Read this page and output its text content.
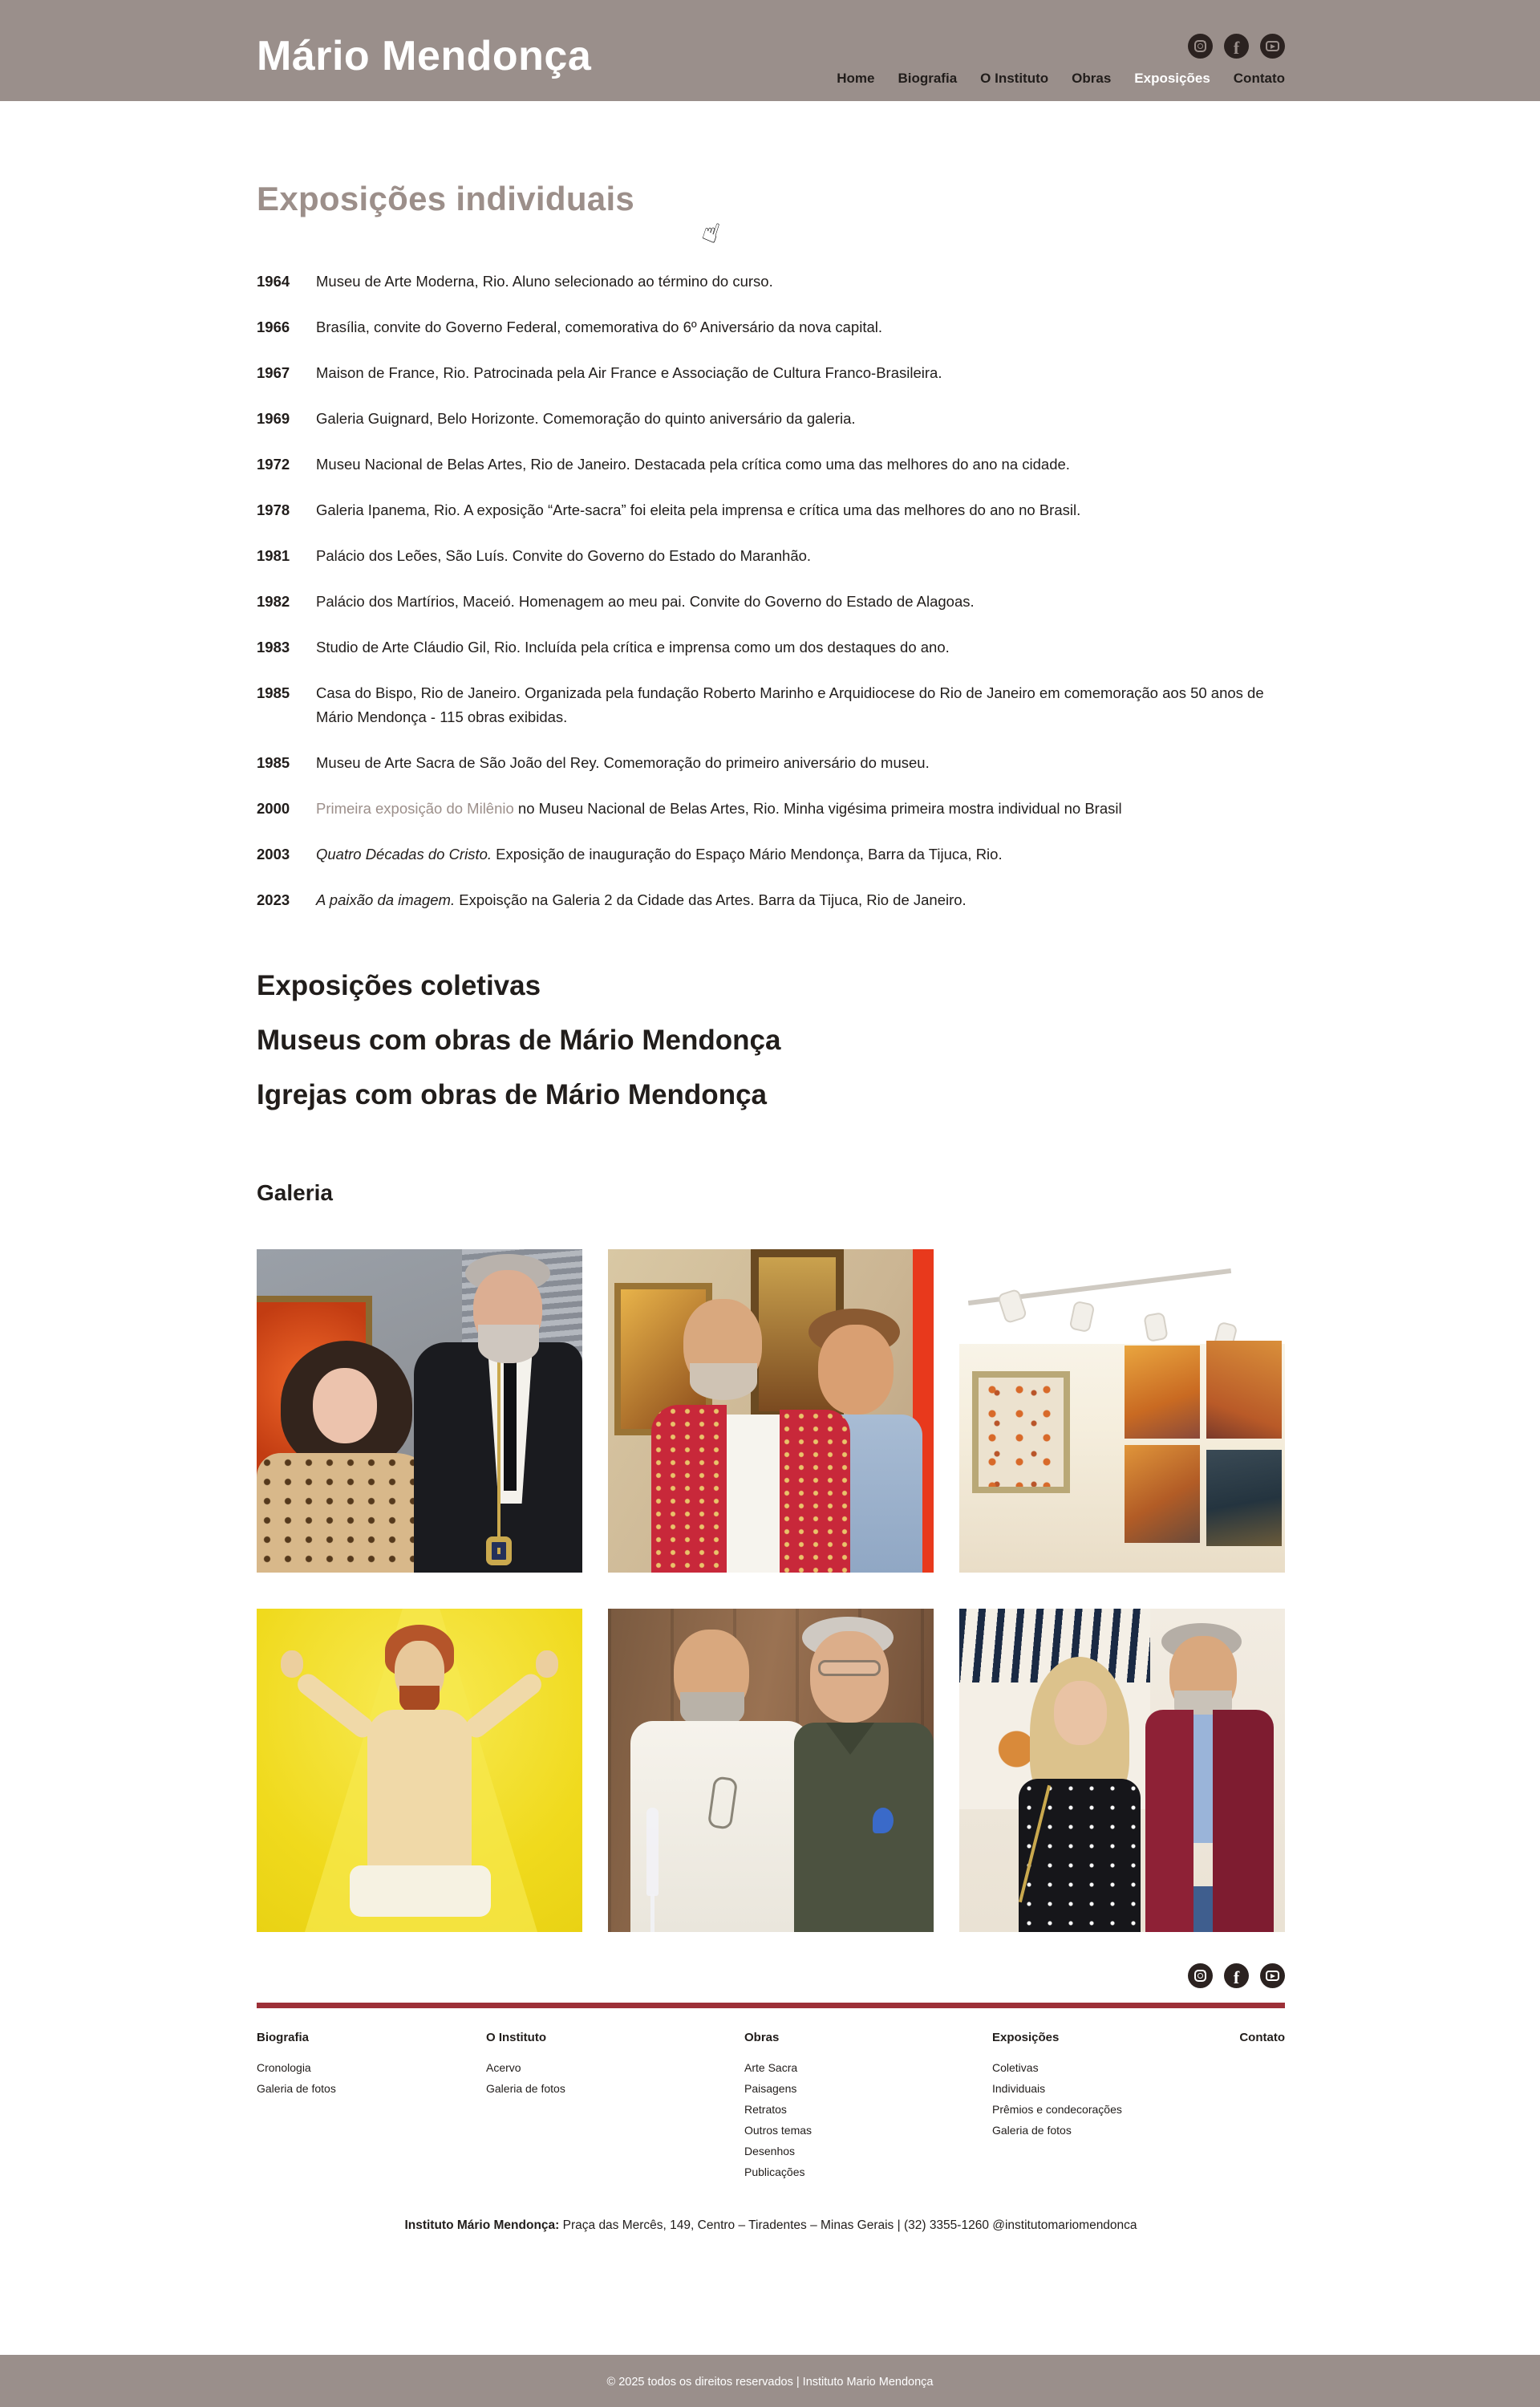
Mário Mendonça	f
Home Biografia O Instituto Obras Exposições Contato
☝
Exposições individuais
1964	Museu de Arte Moderna, Rio. Aluno selecionado ao término do curso.
1966	Brasília, convite do Governo Federal, comemorativa do 6º Aniversário da nova capital.
1967	Maison de France, Rio. Patrocinada pela Air France e Associação de Cultura Franco-Brasileira.
1969	Galeria Guignard, Belo Horizonte. Comemoração do quinto aniversário da galeria.
1972	Museu Nacional de Belas Artes, Rio de Janeiro. Destacada pela crítica como uma das melhores do ano na cidade.
1978	Galeria Ipanema, Rio. A exposição “Arte-sacra” foi eleita pela imprensa e crítica uma das melhores do ano no Brasil.
1981	Palácio dos Leões, São Luís. Convite do Governo do Estado do Maranhão.
1982	Palácio dos Martírios, Maceió. Homenagem ao meu pai. Convite do Governo do Estado de Alagoas.
1983	Studio de Arte Cláudio Gil, Rio. Incluída pela crítica e imprensa como um dos destaques do ano.
1985	Casa do Bispo, Rio de Janeiro. Organizada pela fundação Roberto Marinho e Arquidiocese do Rio de Janeiro em comemoração aos 50 anos de Mário Mendonça - 115 obras exibidas.
1985	Museu de Arte Sacra de São João del Rey. Comemoração do primeiro aniversário do museu.
2000	Primeira exposição do Milênio no Museu Nacional de Belas Artes, Rio. Minha vigésima primeira mostra individual no Brasil
2003	Quatro Décadas do Cristo. Exposição de inauguração do Espaço Mário Mendonça, Barra da Tijuca, Rio.
2023	A paixão da imagem. Expoisção na Galeria 2 da Cidade das Artes. Barra da Tijuca, Rio de Janeiro.
Exposições coletivas
Museus com obras de Mário Mendonça
Igrejas com obras de Mário Mendonça
Galeria
f
Biografia
Cronologia
Galeria de fotos
O Instituto
Acervo
Galeria de fotos
Obras
Arte Sacra
Paisagens
Retratos
Outros temas
Desenhos
Publicações
Exposições
Coletivas
Individuais
Prêmios e condecorações
Galeria de fotos
Contato
Instituto Mário Mendonça: Praça das Mercês, 149, Centro – Tiradentes – Minas Gerais | (32) 3355-1260 @institutomariomendonca
© 2025 todos os direitos reservados | Instituto Mario Mendonça
